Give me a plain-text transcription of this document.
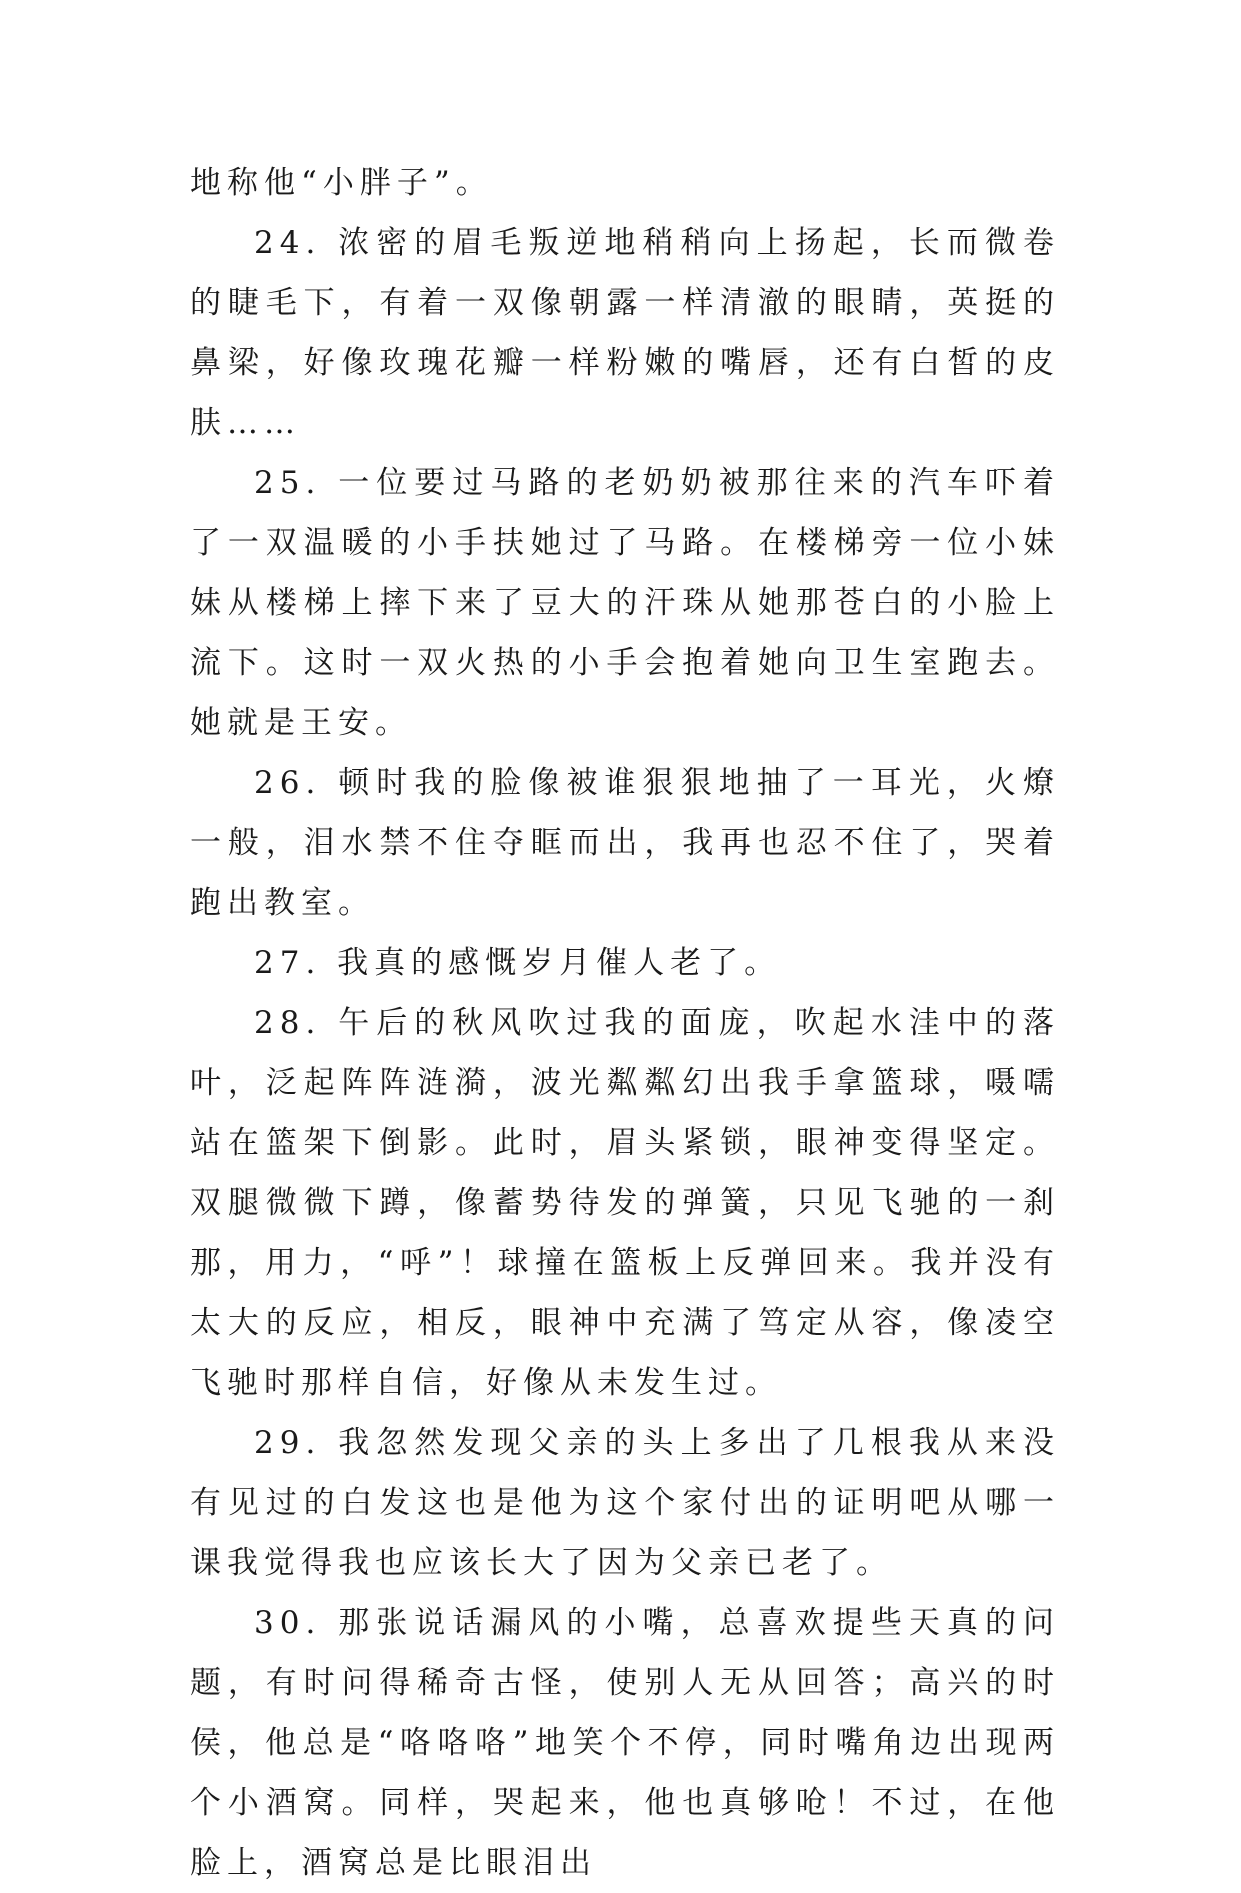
地称他“小胖子”。

24. 浓密的眉毛叛逆地稍稍向上扬起，长而微卷的睫毛下，有着一双像朝露一样清澈的眼睛，英挺的鼻梁，好像玫瑰花瓣一样粉嫩的嘴唇，还有白皙的皮肤……

25. 一位要过马路的老奶奶被那往来的汽车吓着了一双温暖的小手扶她过了马路。在楼梯旁一位小妹妹从楼梯上摔下来了豆大的汗珠从她那苍白的小脸上流下。这时一双火热的小手会抱着她向卫生室跑去。她就是王安。

26. 顿时我的脸像被谁狠狠地抽了一耳光，火燎一般，泪水禁不住夺眶而出，我再也忍不住了，哭着跑出教室。

27. 我真的感慨岁月催人老了。

28. 午后的秋风吹过我的面庞，吹起水洼中的落叶，泛起阵阵涟漪，波光粼粼幻出我手拿篮球，嗫嚅站在篮架下倒影。此时，眉头紧锁，眼神变得坚定。双腿微微下蹲，像蓄势待发的弹簧，只见飞驰的一刹那，用力，“呼”！球撞在篮板上反弹回来。我并没有太大的反应，相反，眼神中充满了笃定从容，像凌空飞驰时那样自信，好像从未发生过。

29. 我忽然发现父亲的头上多出了几根我从来没有见过的白发这也是他为这个家付出的证明吧从哪一课我觉得我也应该长大了因为父亲已老了。

30. 那张说话漏风的小嘴，总喜欢提些天真的问题，有时问得稀奇古怪，使别人无从回答；高兴的时侯，他总是“咯咯咯”地笑个不停，同时嘴角边出现两个小酒窝。同样，哭起来，他也真够呛！不过，在他脸上，酒窝总是比眼泪出
